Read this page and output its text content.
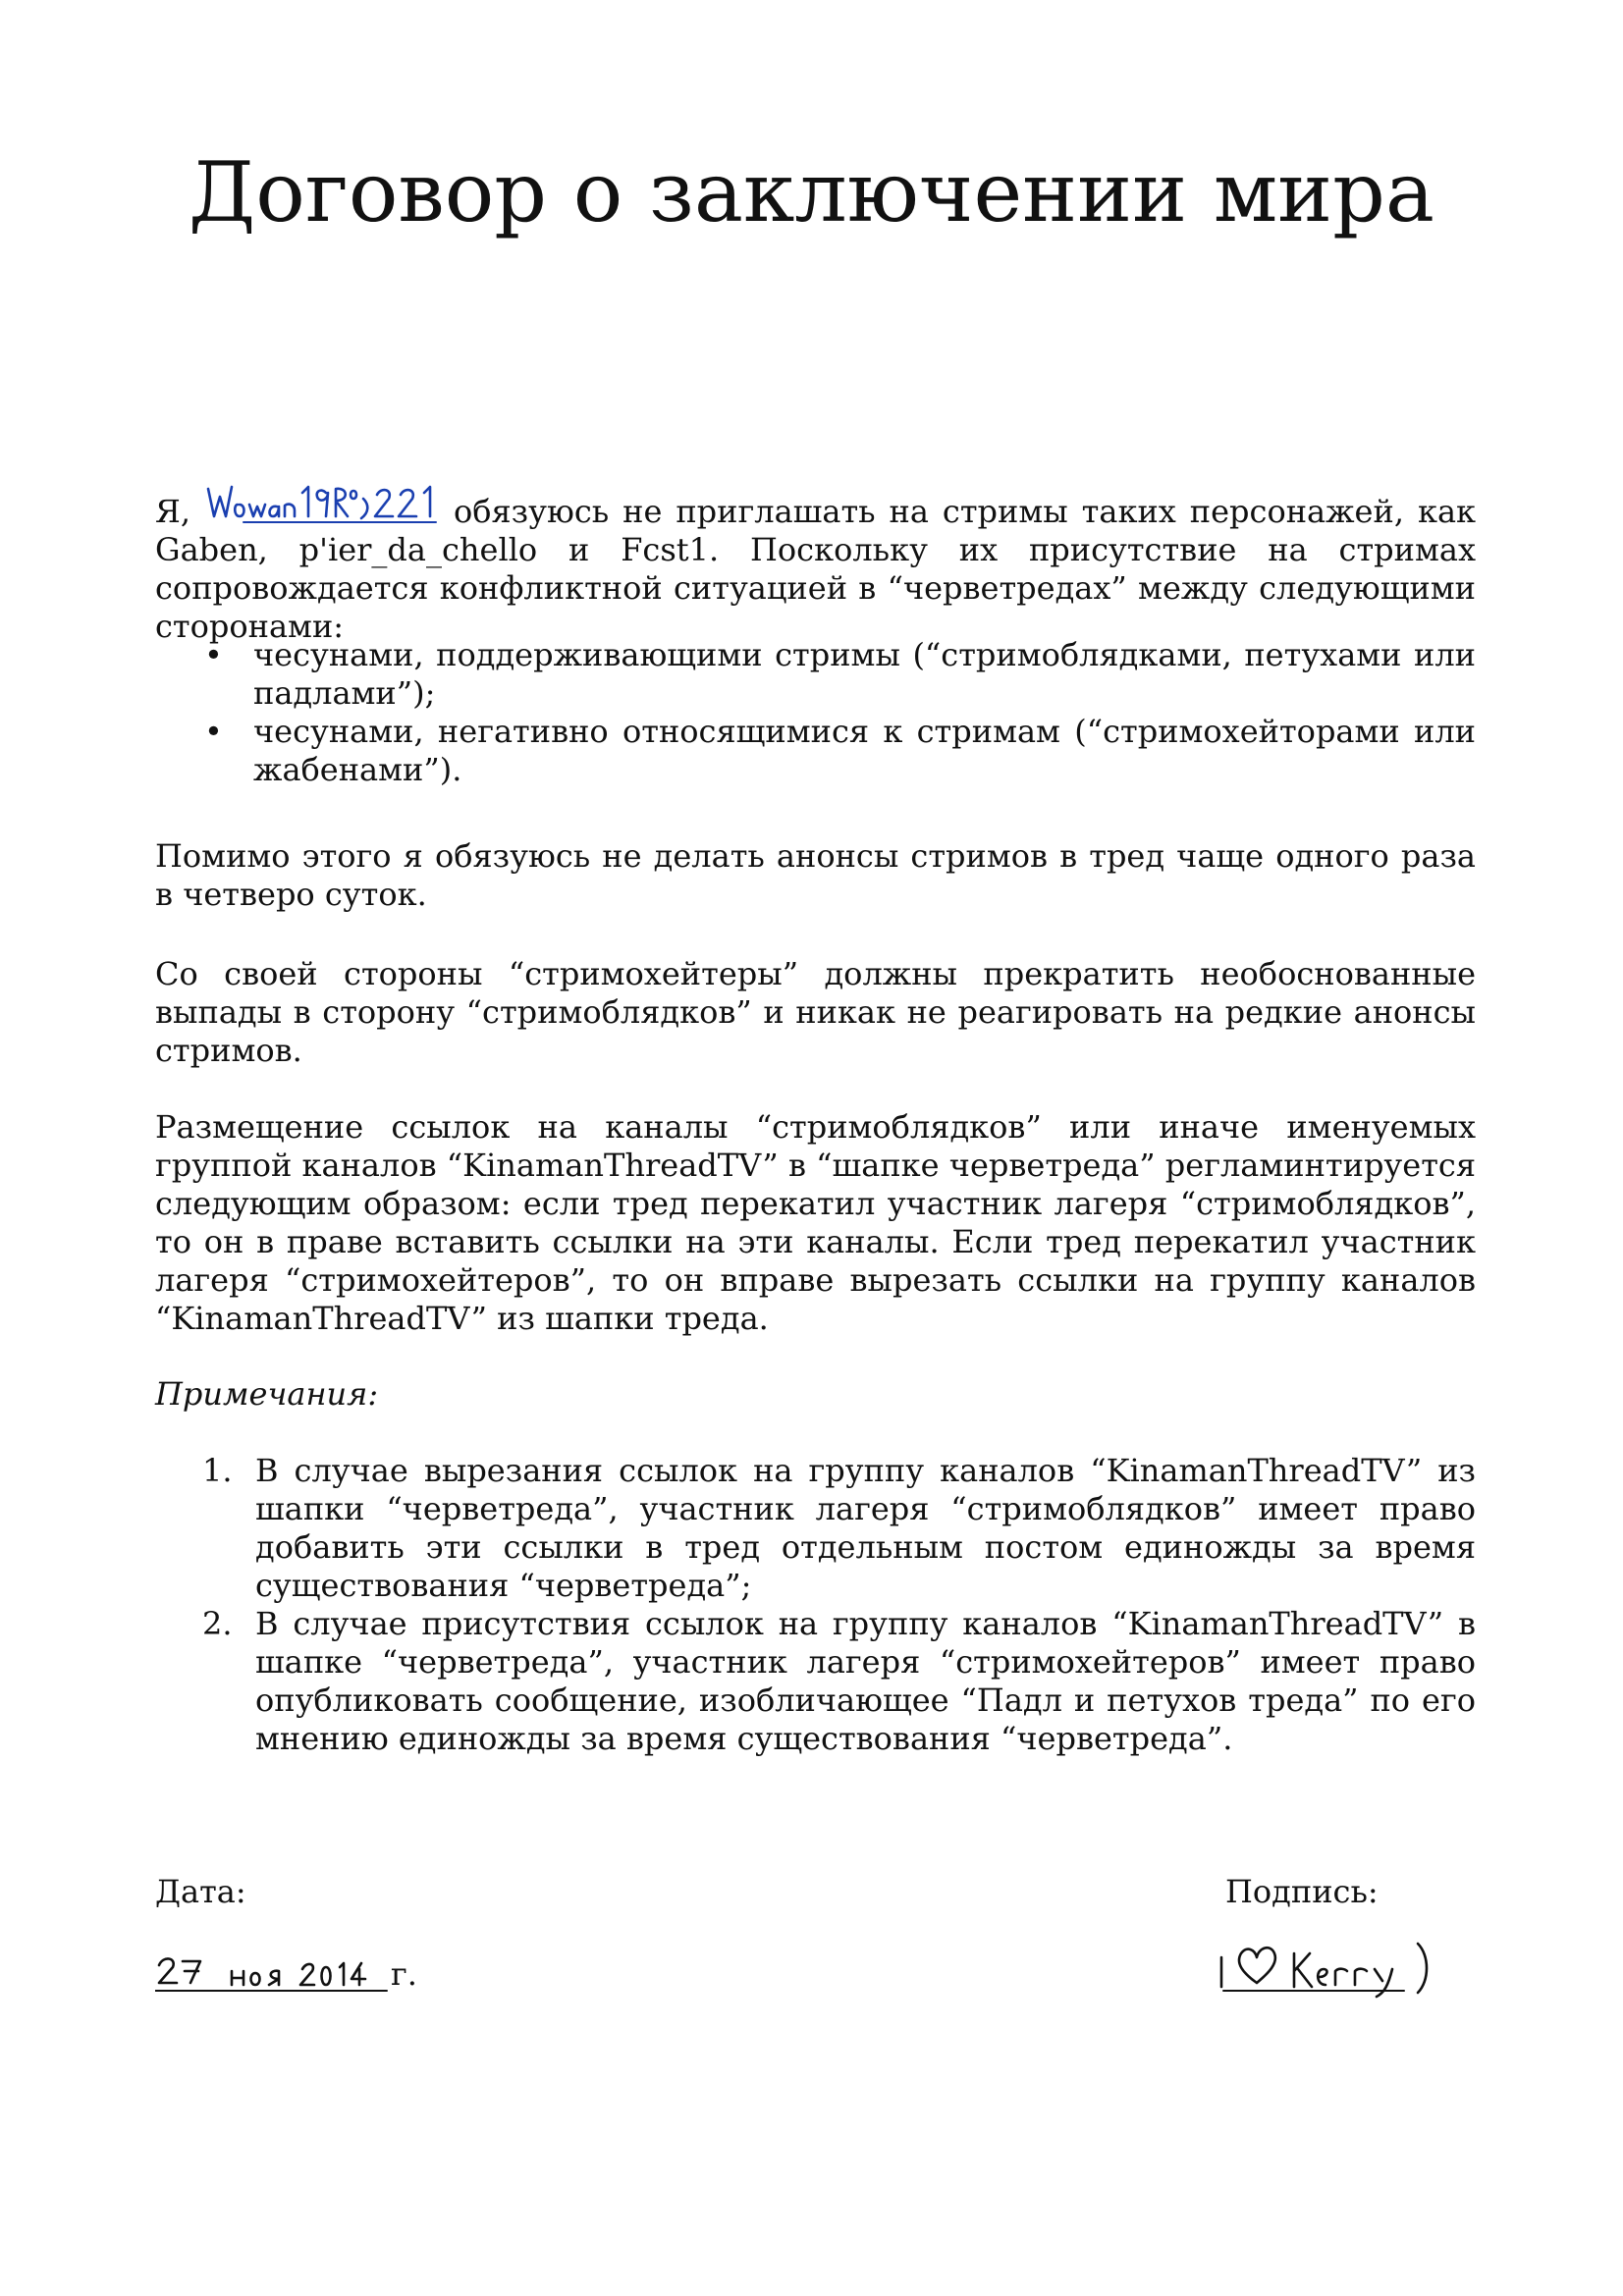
Договор о заключении мира

Я,	обязуюсь не приглашать на стримы таких персонажей, как Gaben, p'ier_da_chello и Fcst1. Поскольку их присутствие на стримах сопровождается конфликтной ситуацией в “черветредах” между следующими сторонами:

• чесунами, поддерживающими стримы (“стримоблядками, петухами или падлами”);
• чесунами, негативно относящимися к стримам (“стримохейторами или жабенами”).

Помимо этого я обязуюсь не делать анонсы стримов в тред чаще одного раза в четверо суток.

Со своей стороны “стримохейтеры” должны прекратить необоснованные выпады в сторону “стримоблядков” и никак не реагировать на редкие анонсы стримов.

Размещение ссылок на каналы “стримоблядков” или иначе именуемых группой каналов “KinamanThreadTV” в “шапке черветреда” регламинтируется следующим образом: если тред перекатил участник лагеря “стримоблядков”, то он в праве вставить ссылки на эти каналы. Если тред перекатил участник лагеря “стримохейтеров”, то он вправе вырезать ссылки на группу каналов “KinamanThreadTV” из шапки треда.

Примечания:

1. В случае вырезания ссылок на группу каналов “KinamanThreadTV” из шапки “черветреда”, участник лагеря “стримоблядков” имеет право добавить эти ссылки в тред отдельным постом единожды за время существования “черветреда”;
2. В случае присутствия ссылок на группу каналов “KinamanThreadTV” в шапке “черветреда”, участник лагеря “стримохейтеров” имеет право опубликовать сообщение, изобличающее “Падл и петухов треда” по его мнению единожды за время существования “черветреда”.
Дата:
г.
Подпись:
